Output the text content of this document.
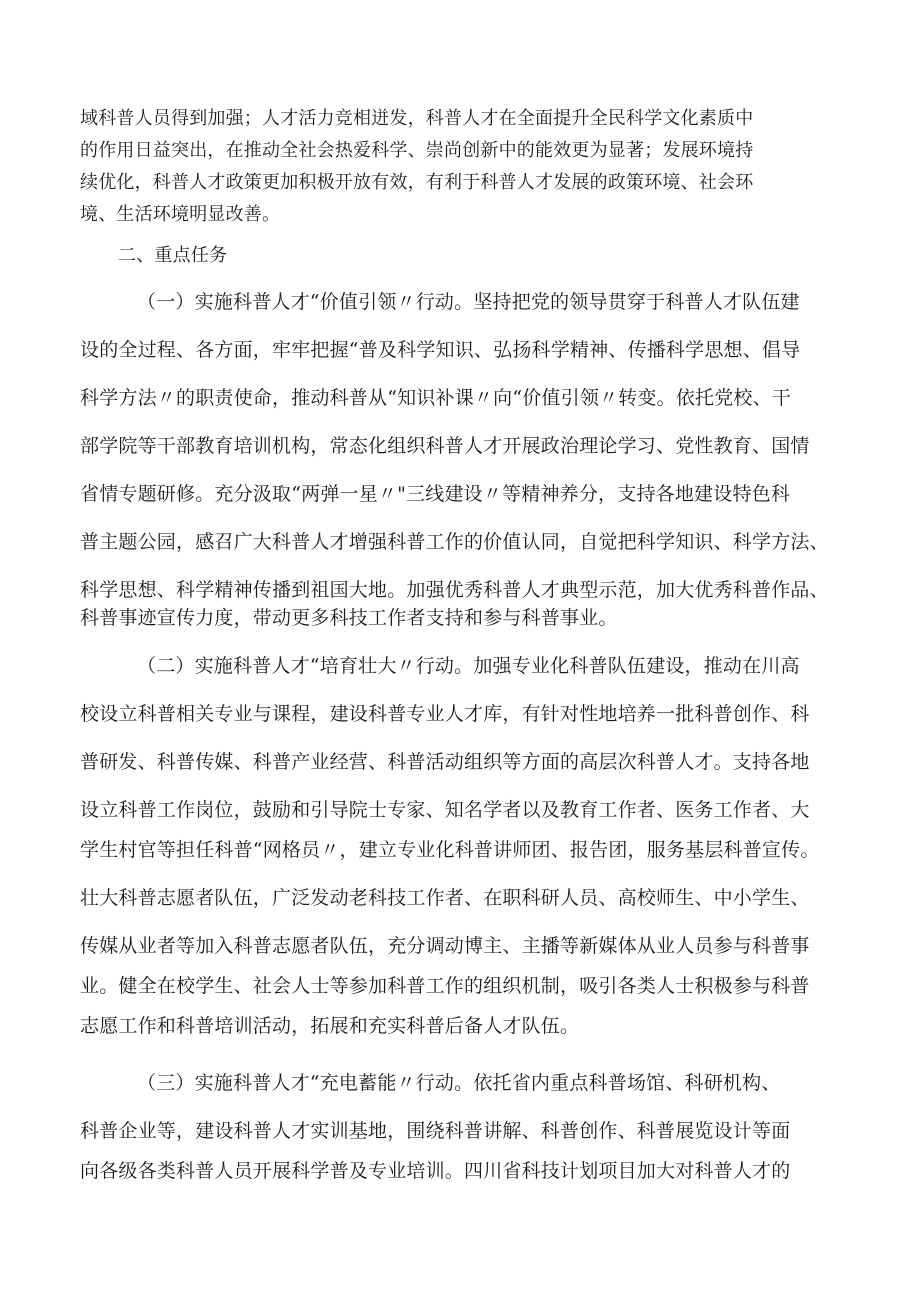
域科普人员得到加强；人才活力竞相迸发，科普人才在全面提升全民科学文化素质中
的作用日益突出，在推动全社会热爱科学、崇尚创新中的能效更为显著；发展环境持
续优化，科普人才政策更加积极开放有效，有利于科普人才发展的政策环境、社会环
境、生活环境明显改善。
二、重点任务
（一）实施科普人才“价值引领〃行动。坚持把党的领导贯穿于科普人才队伍建
设的全过程、各方面，牢牢把握“普及科学知识、弘扬科学精神、传播科学思想、倡导
科学方法〃的职责使命，推动科普从“知识补课〃向“价值引领〃转变。依托党校、干
部学院等干部教育培训机构，常态化组织科普人才开展政治理论学习、党性教育、国情
省情专题研修。充分汲取“两弹一星〃"三线建设〃等精神养分，支持各地建设特色科
普主题公园，感召广大科普人才增强科普工作的价值认同，自觉把科学知识、科学方法、
科学思想、科学精神传播到祖国大地。加强优秀科普人才典型示范，加大优秀科普作品、
科普事迹宣传力度，带动更多科技工作者支持和参与科普事业。
（二）实施科普人才“培育壮大〃行动。加强专业化科普队伍建设，推动在川高
校设立科普相关专业与课程，建设科普专业人才库，有针对性地培养一批科普创作、科
普研发、科普传媒、科普产业经营、科普活动组织等方面的高层次科普人才。支持各地
设立科普工作岗位，鼓励和引导院士专家、知名学者以及教育工作者、医务工作者、大
学生村官等担任科普“网格员〃，建立专业化科普讲师团、报告团，服务基层科普宣传。
壮大科普志愿者队伍，广泛发动老科技工作者、在职科研人员、高校师生、中小学生、
传媒从业者等加入科普志愿者队伍，充分调动博主、主播等新媒体从业人员参与科普事
业。健全在校学生、社会人士等参加科普工作的组织机制，吸引各类人士积极参与科普
志愿工作和科普培训活动，拓展和充实科普后备人才队伍。
（三）实施科普人才“充电蓄能〃行动。依托省内重点科普场馆、科研机构、
科普企业等，建设科普人才实训基地，围绕科普讲解、科普创作、科普展览设计等面
向各级各类科普人员开展科学普及专业培训。四川省科技计划项目加大对科普人才的
